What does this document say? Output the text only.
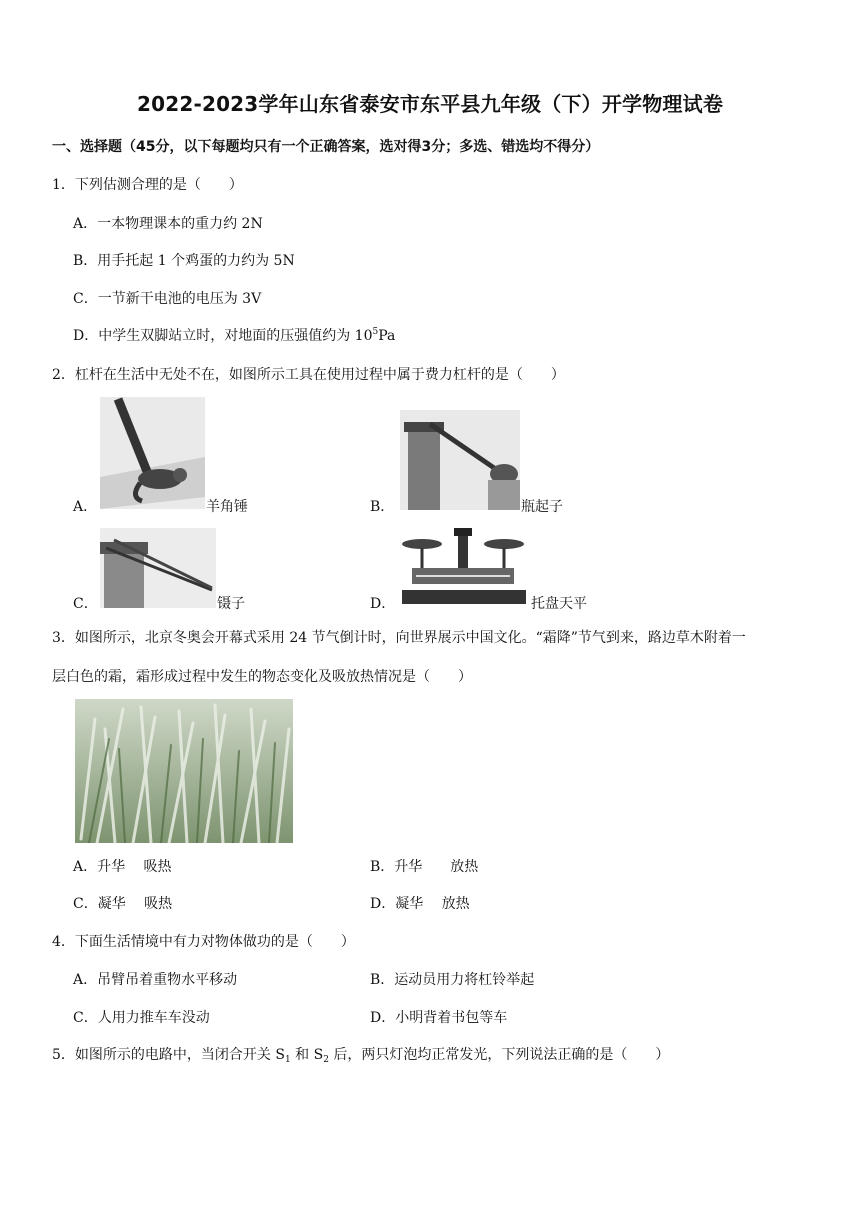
2022-2023学年山东省泰安市东平县九年级（下）开学物理试卷
一、选择题（45分，以下每题均只有一个正确答案，选对得3分；多选、错选均不得分）
1．下列估测合理的是（　　）
A．一本物理课本的重力约 2N
B．用手托起 1 个鸡蛋的力约为 5N
C．一节新干电池的电压为 3V
D．中学生双脚站立时，对地面的压强值约为 $10^5Pa$
2．杠杆在生活中无处不在，如图所示工具在使用过程中属于费力杠杆的是（　　）
A．	羊角锤	B．	瓶起子
C．	镊子	D．	托盘天平
3．如图所示，北京冬奥会开幕式采用 24 节气倒计时，向世界展示中国文化。“霜降”节气到来，路边草木附着一
层白色的霜，霜形成过程中发生的物态变化及吸放热情况是（　　）
A．升华　 吸热	B．升华　　放热
C．凝华　 吸热	D．凝华　 放热
4．下面生活情境中有力对物体做功的是（　　）
A．吊臂吊着重物水平移动	B．运动员用力将杠铃举起
C．人用力推车车没动	D．小明背着书包等车
5．如图所示的电路中，当闭合开关 $S_1$ 和 $S_2$ 后，两只灯泡均正常发光，下列说法正确的是（　　）
